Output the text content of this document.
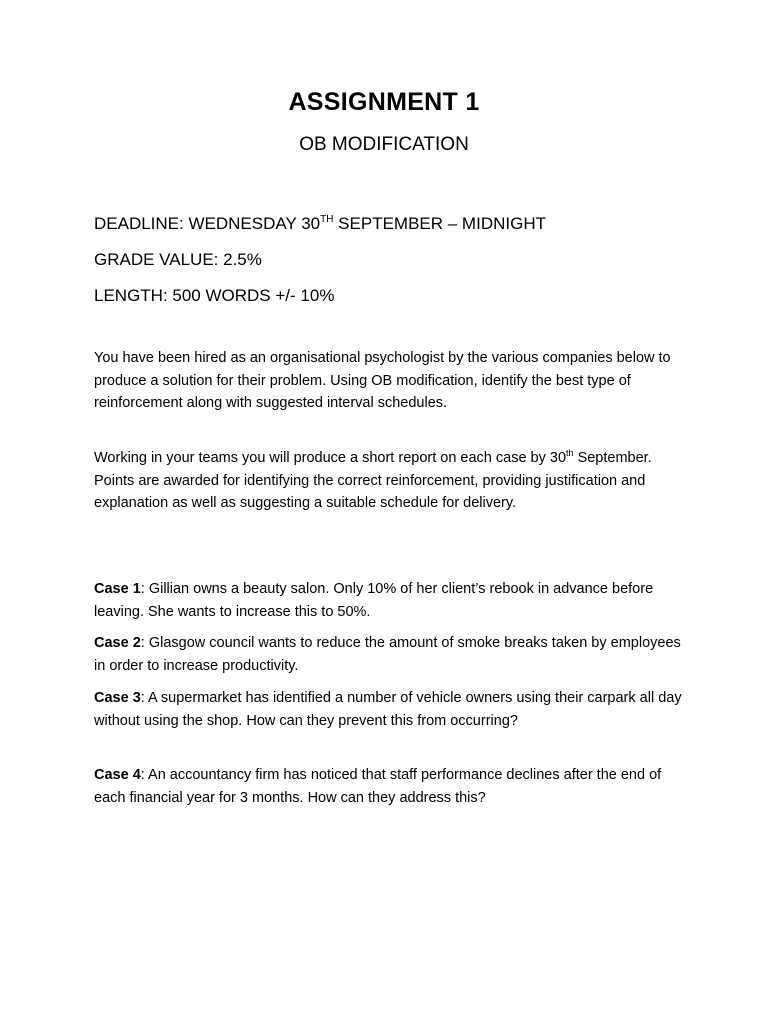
ASSIGNMENT 1
OB MODIFICATION

DEADLINE: WEDNESDAY 30TH SEPTEMBER – MIDNIGHT

GRADE VALUE: 2.5%

LENGTH: 500 WORDS +/- 10%

You have been hired as an organisational psychologist by the various companies below to produce a solution for their problem. Using OB modification, identify the best type of reinforcement along with suggested interval schedules.

Working in your teams you will produce a short report on each case by 30th September. Points are awarded for identifying the correct reinforcement, providing justification and explanation as well as suggesting a suitable schedule for delivery.

Case 1: Gillian owns a beauty salon. Only 10% of her client’s rebook in advance before leaving. She wants to increase this to 50%.

Case 2: Glasgow council wants to reduce the amount of smoke breaks taken by employees in order to increase productivity.

Case 3: A supermarket has identified a number of vehicle owners using their carpark all day without using the shop. How can they prevent this from occurring?

Case 4: An accountancy firm has noticed that staff performance declines after the end of each financial year for 3 months. How can they address this?
